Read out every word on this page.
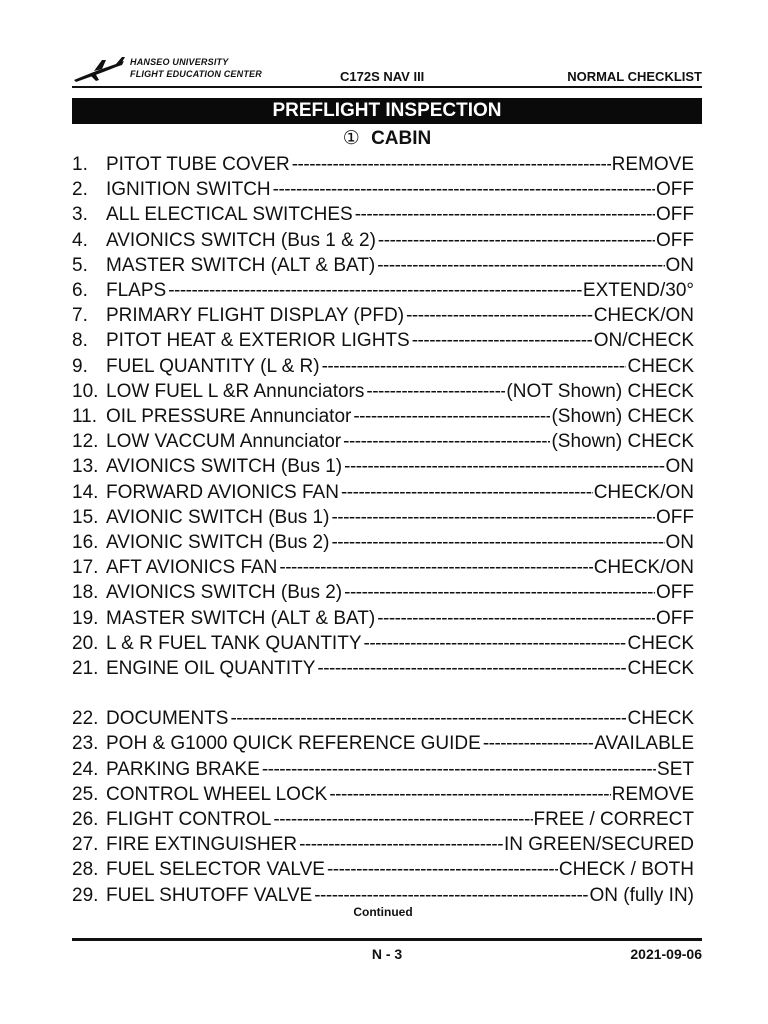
HANSEO UNIVERSITY
FLIGHT EDUCATION CENTER	C172S NAV III	NORMAL CHECKLIST
PREFLIGHT INSPECTION
① CABIN
1. PITOT TUBE COVER -----	REMOVE
2. IGNITION SWITCH -----	OFF
3. ALL ELECTICAL SWITCHES -----	OFF
4. AVIONICS SWITCH (Bus 1 & 2) -----	OFF
5. MASTER SWITCH (ALT & BAT) -----	ON
6. FLAPS -----	EXTEND/30°
7. PRIMARY FLIGHT DISPLAY (PFD) -----	CHECK/ON
8. PITOT HEAT & EXTERIOR LIGHTS -----	ON/CHECK
9. FUEL QUANTITY (L & R) -----	CHECK
10. LOW FUEL L &R Annunciators -----	(NOT Shown) CHECK
11. OIL PRESSURE Annunciator -----	(Shown) CHECK
12. LOW VACCUM Annunciator -----	(Shown) CHECK
13. AVIONICS SWITCH (Bus 1) -----	ON
14. FORWARD AVIONICS FAN -----	CHECK/ON
15. AVIONIC SWITCH (Bus 1) -----	OFF
16. AVIONIC SWITCH (Bus 2) -----	ON
17. AFT AVIONICS FAN -----	CHECK/ON
18. AVIONICS SWITCH (Bus 2) -----	OFF
19. MASTER SWITCH (ALT & BAT) -----	OFF
20. L & R FUEL TANK QUANTITY -----	CHECK
21. ENGINE OIL QUANTITY -----	CHECK
22. DOCUMENTS -----	CHECK
23. POH & G1000 QUICK REFERENCE GUIDE -----	AVAILABLE
24. PARKING BRAKE -----	SET
25. CONTROL WHEEL LOCK -----	REMOVE
26. FLIGHT CONTROL -----	FREE / CORRECT
27. FIRE EXTINGUISHER -----	IN GREEN/SECURED
28. FUEL SELECTOR VALVE -----	CHECK / BOTH
29. FUEL SHUTOFF VALVE -----	ON (fully IN)
Continued
N - 3	2021-09-06
